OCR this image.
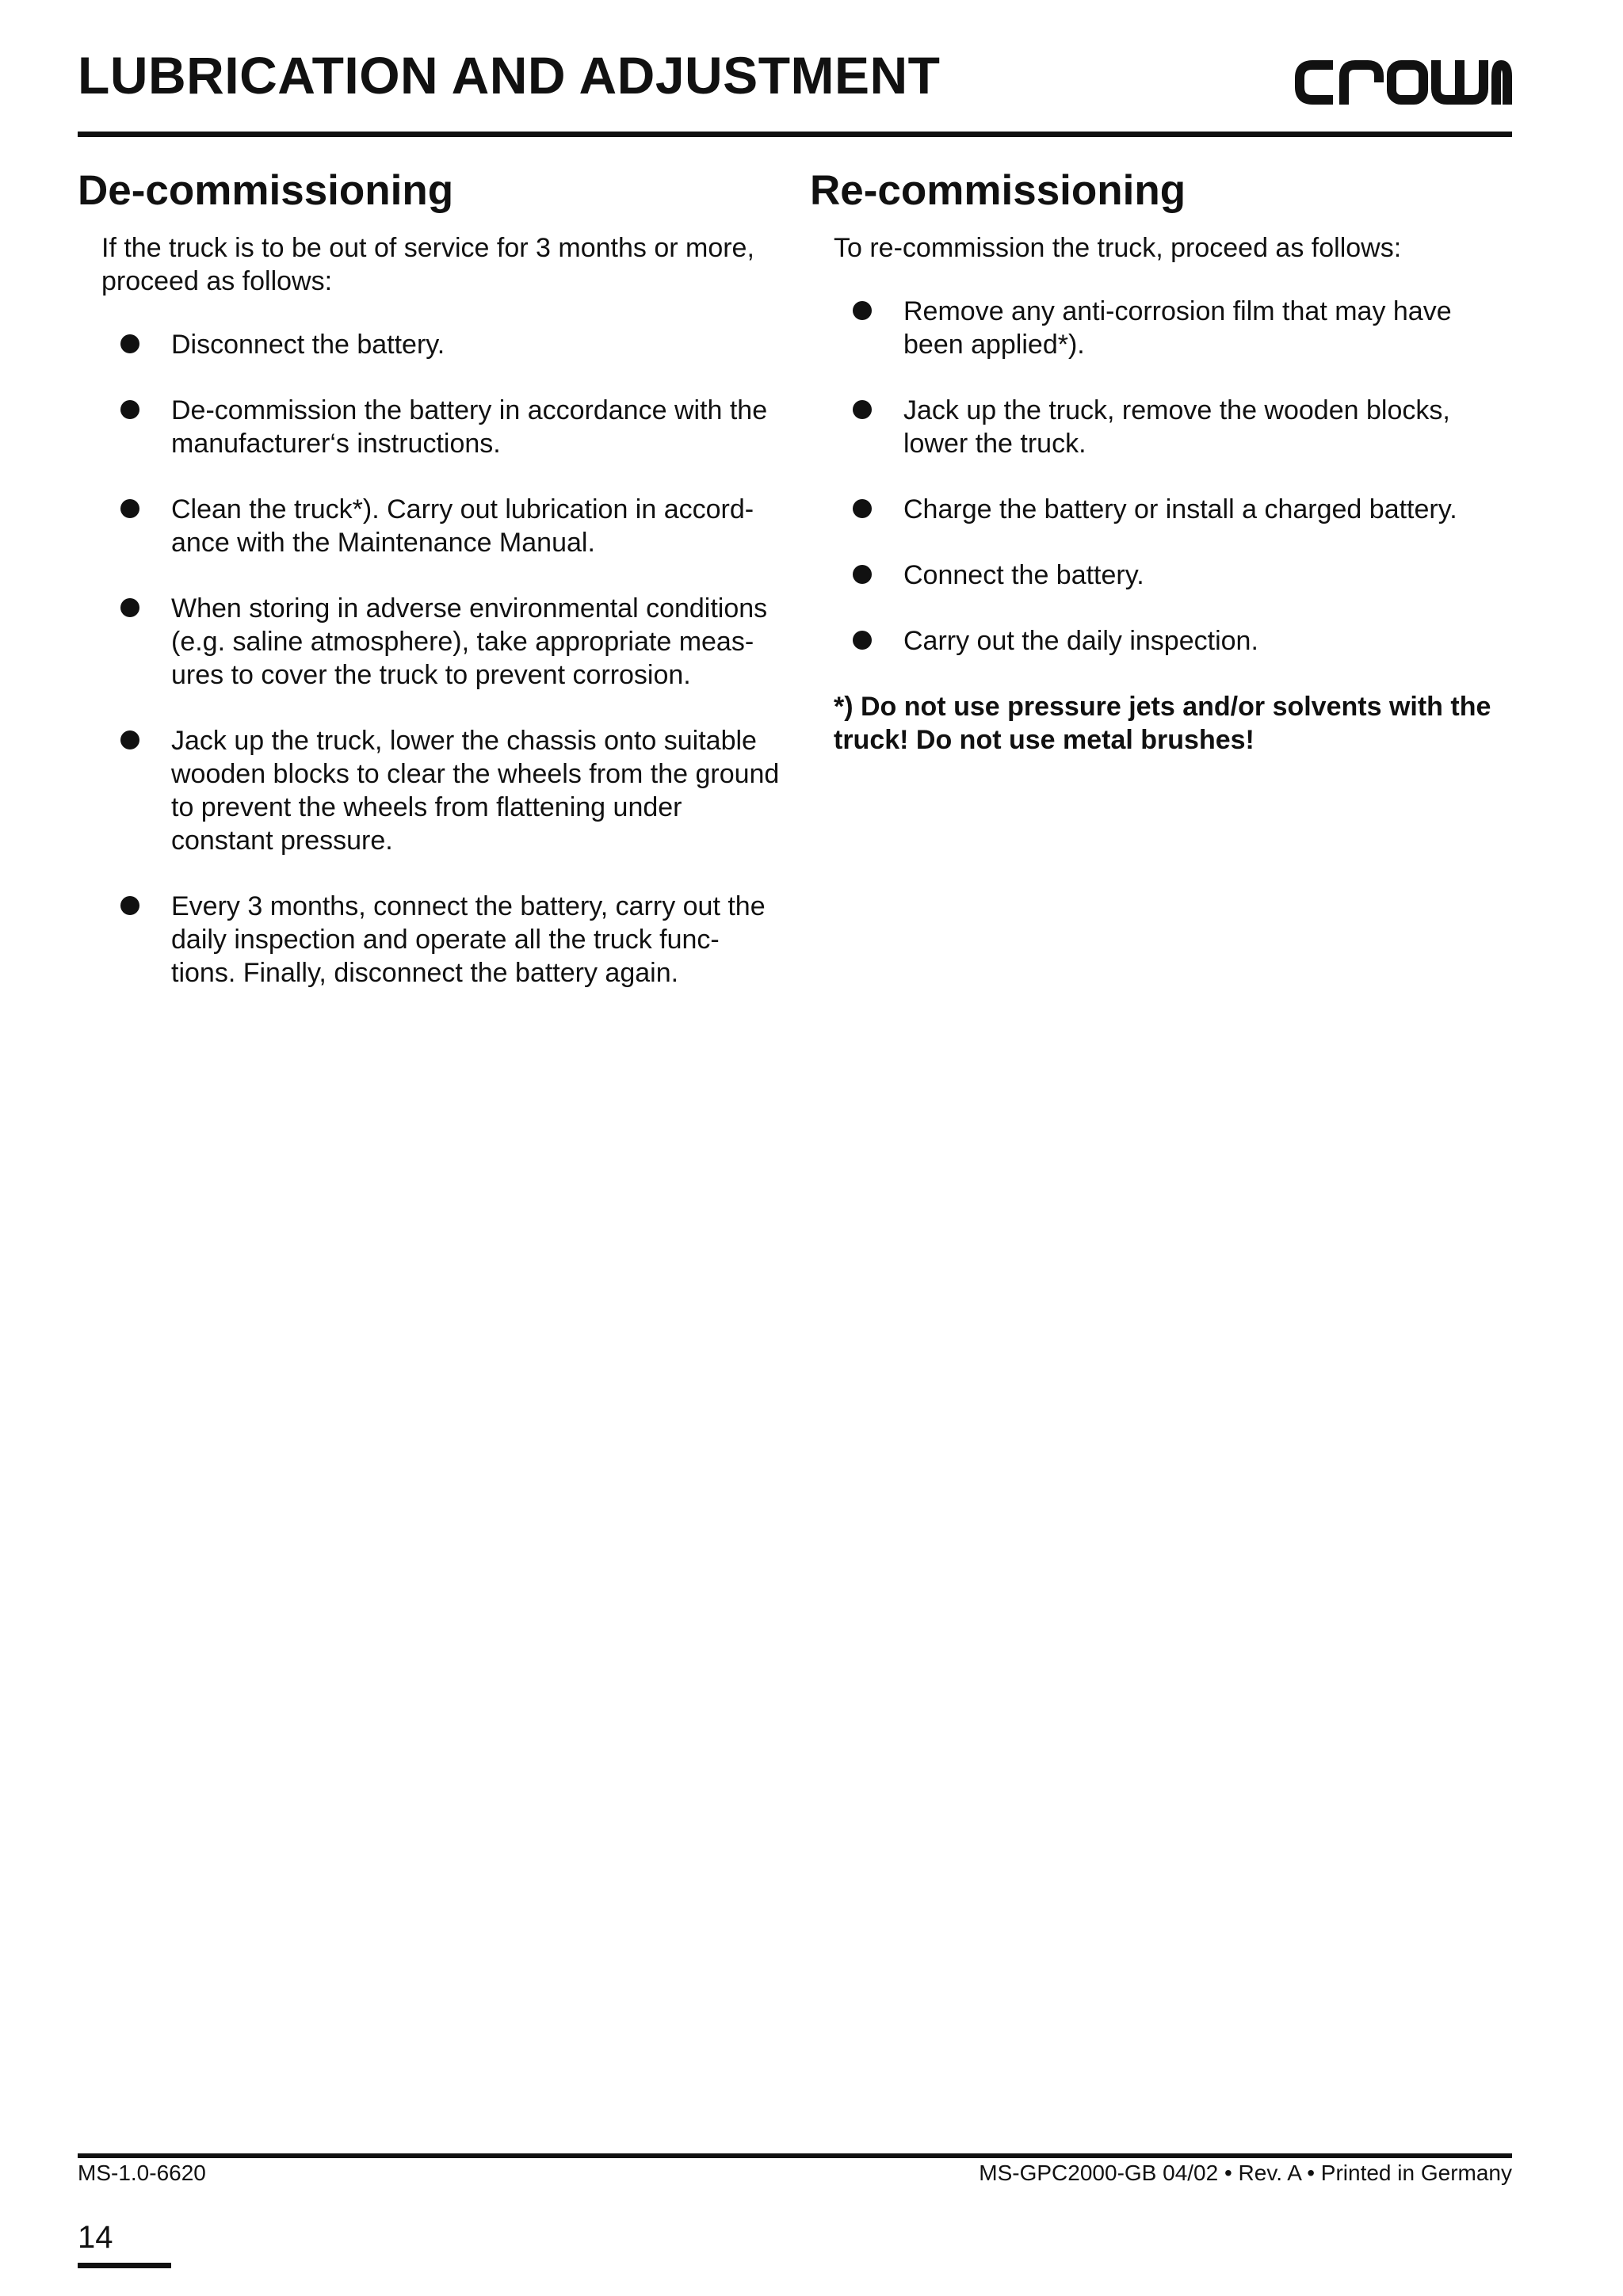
LUBRICATION AND ADJUSTMENT
De-commissioning

If the truck is to be out of service for 3 months or more, proceed as follows:

Disconnect the battery.
De-commission the battery in accordance with the manufacturer‘s instructions.
Clean the truck*). Carry out lubrication in accord-ance with the Maintenance Manual.
When storing in adverse environmental conditions (e.g. saline atmosphere), take appropriate meas-ures to cover the truck to prevent corrosion.
Jack up the truck, lower the chassis onto suitable wooden blocks to clear the wheels from the ground to prevent the wheels from flattening under constant pressure.
Every 3 months, connect the battery, carry out the daily inspection and operate all the truck func-tions. Finally, disconnect the battery again.
Re-commissioning

To re-commission the truck, proceed as follows:

Remove any anti-corrosion film that may have been applied*).
Jack up the truck, remove the wooden blocks, lower the truck.
Charge the battery or install a charged battery.
Connect the battery.
Carry out the daily inspection.

*) Do not use pressure jets and/or solvents with the truck! Do not use metal brushes!

MS-1.0-6620	MS-GPC2000-GB 04/02 • Rev. A • Printed in Germany
14
